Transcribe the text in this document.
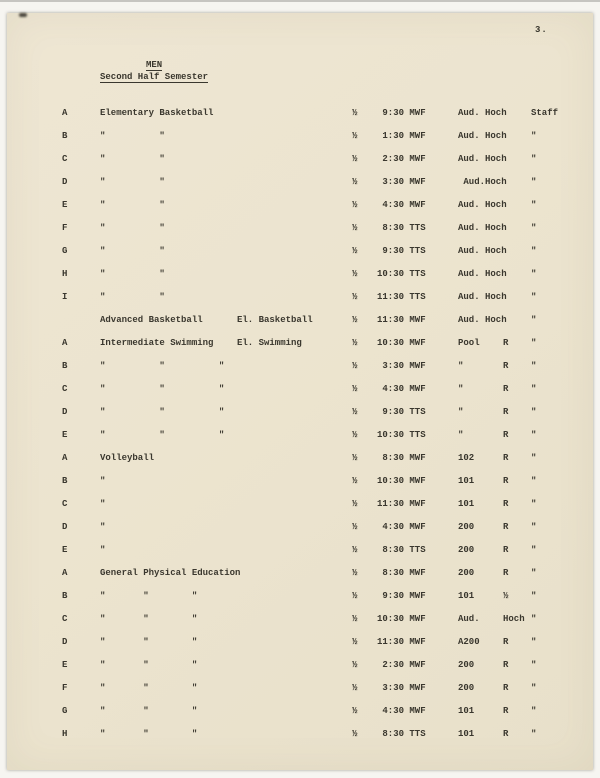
3.
MEN
Second Half Semester
A	Elementary Basketball	½	9:30 MWF	Aud. Hoch	Staff
B	"          "	½	1:30 MWF	Aud. Hoch	"
C	"          "	½	2:30 MWF	Aud. Hoch	"
D	"          "	½	3:30 MWF	Aud.Hoch	"
E	"          "	½	4:30 MWF	Aud. Hoch	"
F	"          "	½	8:30 TTS	Aud. Hoch	"
G	"          "	½	9:30 TTS	Aud. Hoch	"
H	"          "	½	10:30 TTS	Aud. Hoch	"
I	"          "	½	11:30 TTS	Aud. Hoch	"
Advanced Basketball	El. Basketball	½	11:30 MWF	Aud. Hoch	"
A	Intermediate Swimming	El. Swimming	½	10:30 MWF	Pool	R	"
B	"          "          "	½	3:30 MWF	"	R	"
C	"          "          "	½	4:30 MWF	"	R	"
D	"          "          "	½	9:30 TTS	"	R	"
E	"          "          "	½	10:30 TTS	"	R	"
A	Volleyball	½	8:30 MWF	102	R	"
B	"	½	10:30 MWF	101	R	"
C	"	½	11:30 MWF	101	R	"
D	"	½	4:30 MWF	200	R	"
E	"	½	8:30 TTS	200	R	"
A	General Physical Education	½	8:30 MWF	200	R	"
B	"       "        "	½	9:30 MWF	101	½	"
C	"       "        "	½	10:30 MWF	Aud.	Hoch "
D	"       "        "	½	11:30 MWF	A200	R	"
E	"       "        "	½	2:30 MWF	200	R	"
F	"       "        "	½	3:30 MWF	200	R	"
G	"       "        "	½	4:30 MWF	101	R	"
H	"       "        "	½	8:30 TTS	101	R	"
